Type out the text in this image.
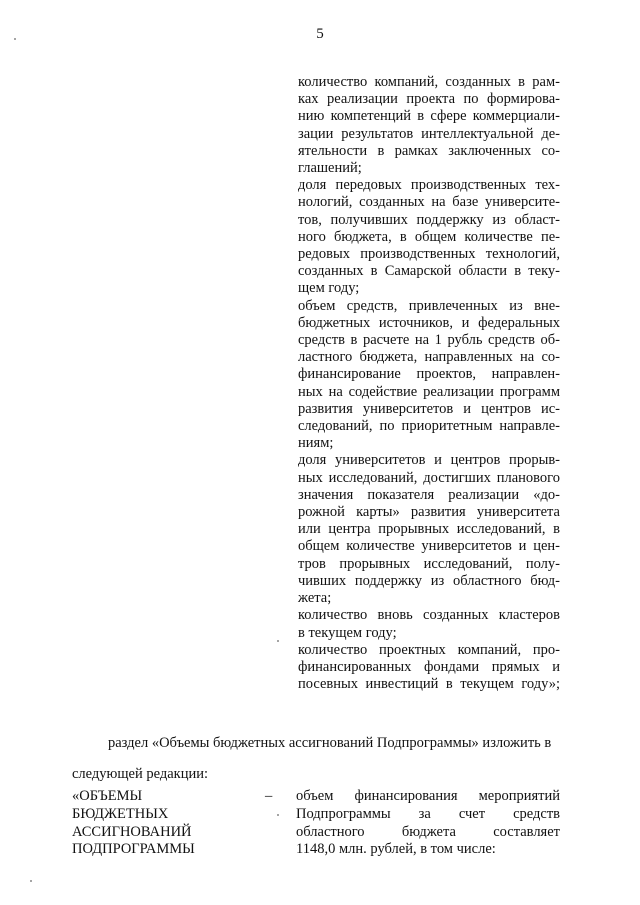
5
количество компаний, созданных в рам-
ках реализации проекта по формирова-
нию компетенций в сфере коммерциали-
зации результатов интеллектуальной де-
ятельности в рамках заключенных со-
глашений;
доля передовых производственных тех-
нологий, созданных на базе университе-
тов, получивших поддержку из област-
ного бюджета, в общем количестве пе-
редовых производственных технологий,
созданных в Самарской области в теку-
щем году;
объем средств, привлеченных из вне-
бюджетных источников, и федеральных
средств в расчете на 1 рубль средств об-
ластного бюджета, направленных на со-
финансирование проектов, направлен-
ных на содействие реализации программ
развития университетов и центров ис-
следований, по приоритетным направле-
ниям;
доля университетов и центров прорыв-
ных исследований, достигших планового
значения показателя реализации «до-
рожной карты» развития университета
или центра прорывных исследований, в
общем количестве университетов и цен-
тров прорывных исследований, полу-
чивших поддержку из областного бюд-
жета;
количество вновь созданных кластеров
в текущем году;
количество проектных компаний, про-
финансированных фондами прямых и
посевных инвестиций в текущем году»;
раздел «Объемы бюджетных ассигнований Подпрограммы» изложить в
следующей редакции:
«ОБЪЕМЫ
БЮДЖЕТНЫХ
АССИГНОВАНИЙ
ПОДПРОГРАММЫ
– объем финансирования мероприятий
Подпрограммы за счет средств
областного бюджета составляет
1148,0 млн. рублей, в том числе:
